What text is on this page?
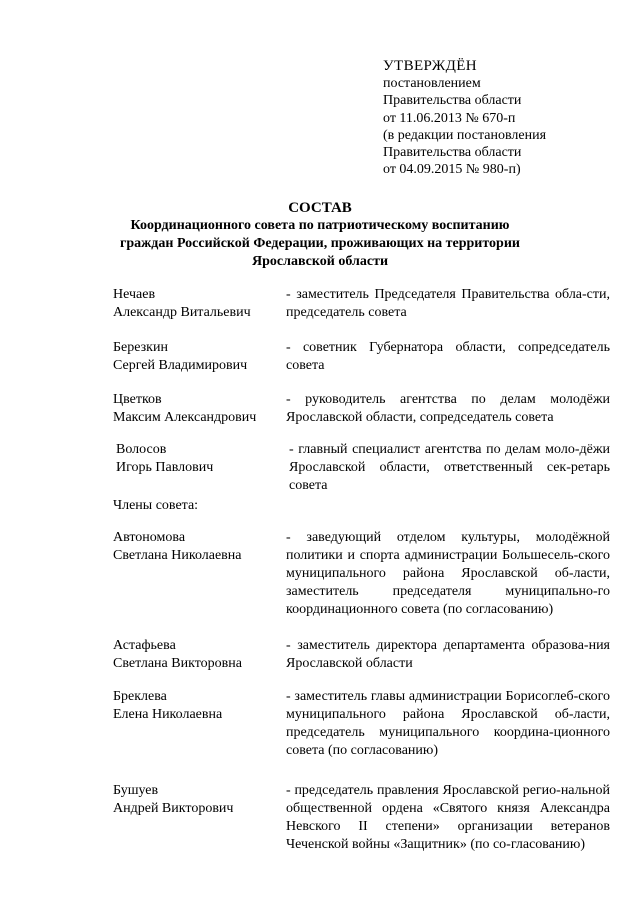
УТВЕРЖДЁН
постановлением
Правительства области
от 11.06.2013 № 670-п
(в редакции постановления
Правительства области
от 04.09.2015 № 980-п)
СОСТАВ
Координационного совета по патриотическому воспитанию
граждан Российской Федерации, проживающих на территории
Ярославской области
Нечаев
Александр Витальевич
- заместитель Председателя Правительства обла-сти, председатель совета
Березкин
Сергей Владимирович
- советник Губернатора области, сопредседатель совета
Цветков
Максим Александрович
- руководитель агентства по делам молодёжи Ярославской области, сопредседатель совета
Волосов
Игорь Павлович
- главный специалист агентства по делам моло-дёжи Ярославской области, ответственный сек-ретарь совета
Члены совета:
Автономова
Светлана Николаевна
- заведующий отделом культуры, молодёжной политики и спорта администрации Большесель-ского муниципального района Ярославской об-ласти, заместитель председателя муниципально-го координационного совета (по согласованию)
Астафьева
Светлана Викторовна
- заместитель директора департамента образова-ния Ярославской области
Бреклева
Елена Николаевна
- заместитель главы администрации Борисоглеб-ского муниципального района Ярославской об-ласти, председатель муниципального координа-ционного совета (по согласованию)
Бушуев
Андрей Викторович
- председатель правления Ярославской регио-нальной общественной ордена «Святого князя Александра Невского II степени» организации ветеранов Чеченской войны «Защитник» (по со-гласованию)
